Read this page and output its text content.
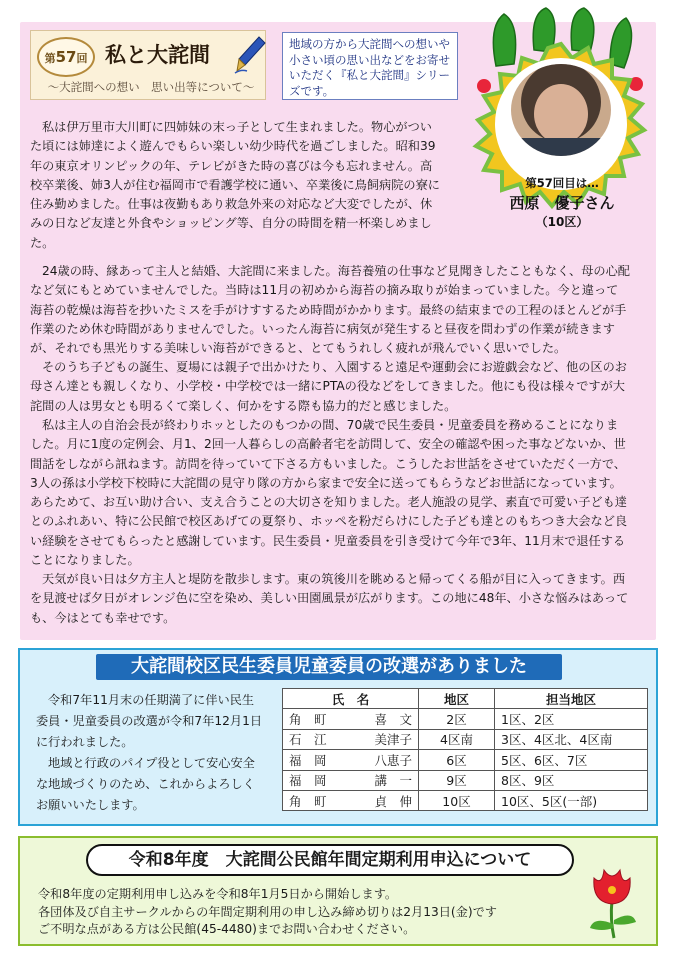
第57回 私と大詫間
〜大詫間への想い　思い出等について〜
地域の方から大詫間への想いや小さい頃の思い出などをお寄せいただく『私と大詫間』シリーズです。
第57回目は…
西原　優子さん
（10区）

私は伊万里市大川町に四姉妹の末っ子として生まれました。物心がついた頃には姉達によく遊んでもらい楽しい幼少時代を過ごしました。昭和39年の東京オリンピックの年、テレビがきた時の喜びは今も忘れません。高校卒業後、姉3人が住む福岡市で看護学校に通い、卒業後に鳥飼病院の寮に住み勤めました。仕事は夜勤もあり救急外来の対応など大変でしたが、休みの日など友達と外食やショッピング等、自分の時間を精一杯楽しめました。

24歳の時、縁あって主人と結婚、大詫間に来ました。海苔養殖の仕事など見聞きしたこともなく、母の心配など気にもとめていませんでした。当時は11月の初めから海苔の摘み取りが始まっていました。今と違って海苔の乾燥は海苔を抄いたミスを手がけすするため時間がかかります。最終の結束までの工程のほとんどが手作業のため休む時間がありませんでした。いったん海苔に病気が発生すると昼夜を問わずの作業が続きますが、それでも黒光りする美味しい海苔ができると、とてもうれしく疲れが飛んでいく思いでした。

そのうち子どもの誕生、夏場には親子で出かけたり、入園すると遠足や運動会にお遊戯会など、他の区のお母さん達とも親しくなり、小学校・中学校では一緒にPTAの役などをしてきました。他にも役は様々ですが大詫間の人は男女とも明るくて楽しく、何かをする際も協力的だと感じました。

私は主人の自治会長が終わりホッとしたのもつかの間、70歳で民生委員・児童委員を務めることになりました。月に1度の定例会、月1、2回一人暮らしの高齢者宅を訪問して、安全の確認や困った事などないか、世間話をしながら訊ねます。訪問を待っていて下さる方もいました。こうしたお世話をさせていただく一方で、3人の孫は小学校下校時に大詫間の見守り隊の方から家まで安全に送ってもらうなどお世話になっています。あらためて、お互い助け合い、支え合うことの大切さを知りました。老人施設の見学、素直で可愛い子ども達とのふれあい、特に公民館で校区あげての夏祭り、ホッペを粉だらけにした子ども達とのもちつき大会など良い経験をさせてもらったと感謝しています。民生委員・児童委員を引き受けて今年で3年、11月末で退任することになりました。

天気が良い日は夕方主人と堤防を散歩します。東の筑後川を眺めると帰ってくる船が目に入ってきます。西を見渡せば夕日がオレンジ色に空を染め、美しい田園風景が広がります。この地に48年、小さな悩みはあっても、今はとても幸せです。

大詫間校区民生委員児童委員の改選がありました

令和7年11月末の任期満了に伴い民生委員・児童委員の改選が令和7年12月1日に行われました。

地域と行政のパイプ役として安心安全な地域づくりのため、これからよろしくお願いいたします。

氏　名	地区	担当地区

角　町 喜　文	2区	1区、2区

石　江 美津子	4区南	3区、4区北、4区南

福　岡 八恵子	6区	5区、6区、7区

福　岡 講　一	9区	8区、9区

角　町 貞　伸	10区	10区、5区(一部)
令和8年度　大詫間公民館年間定期利用申込について

令和8年度の定期利用申し込みを令和8年1月5日から開始します。

各団体及び自主サークルからの年間定期利用の申し込み締め切りは2月13日(金)です

ご不明な点がある方は公民館(45-4480)までお問い合わせください。
